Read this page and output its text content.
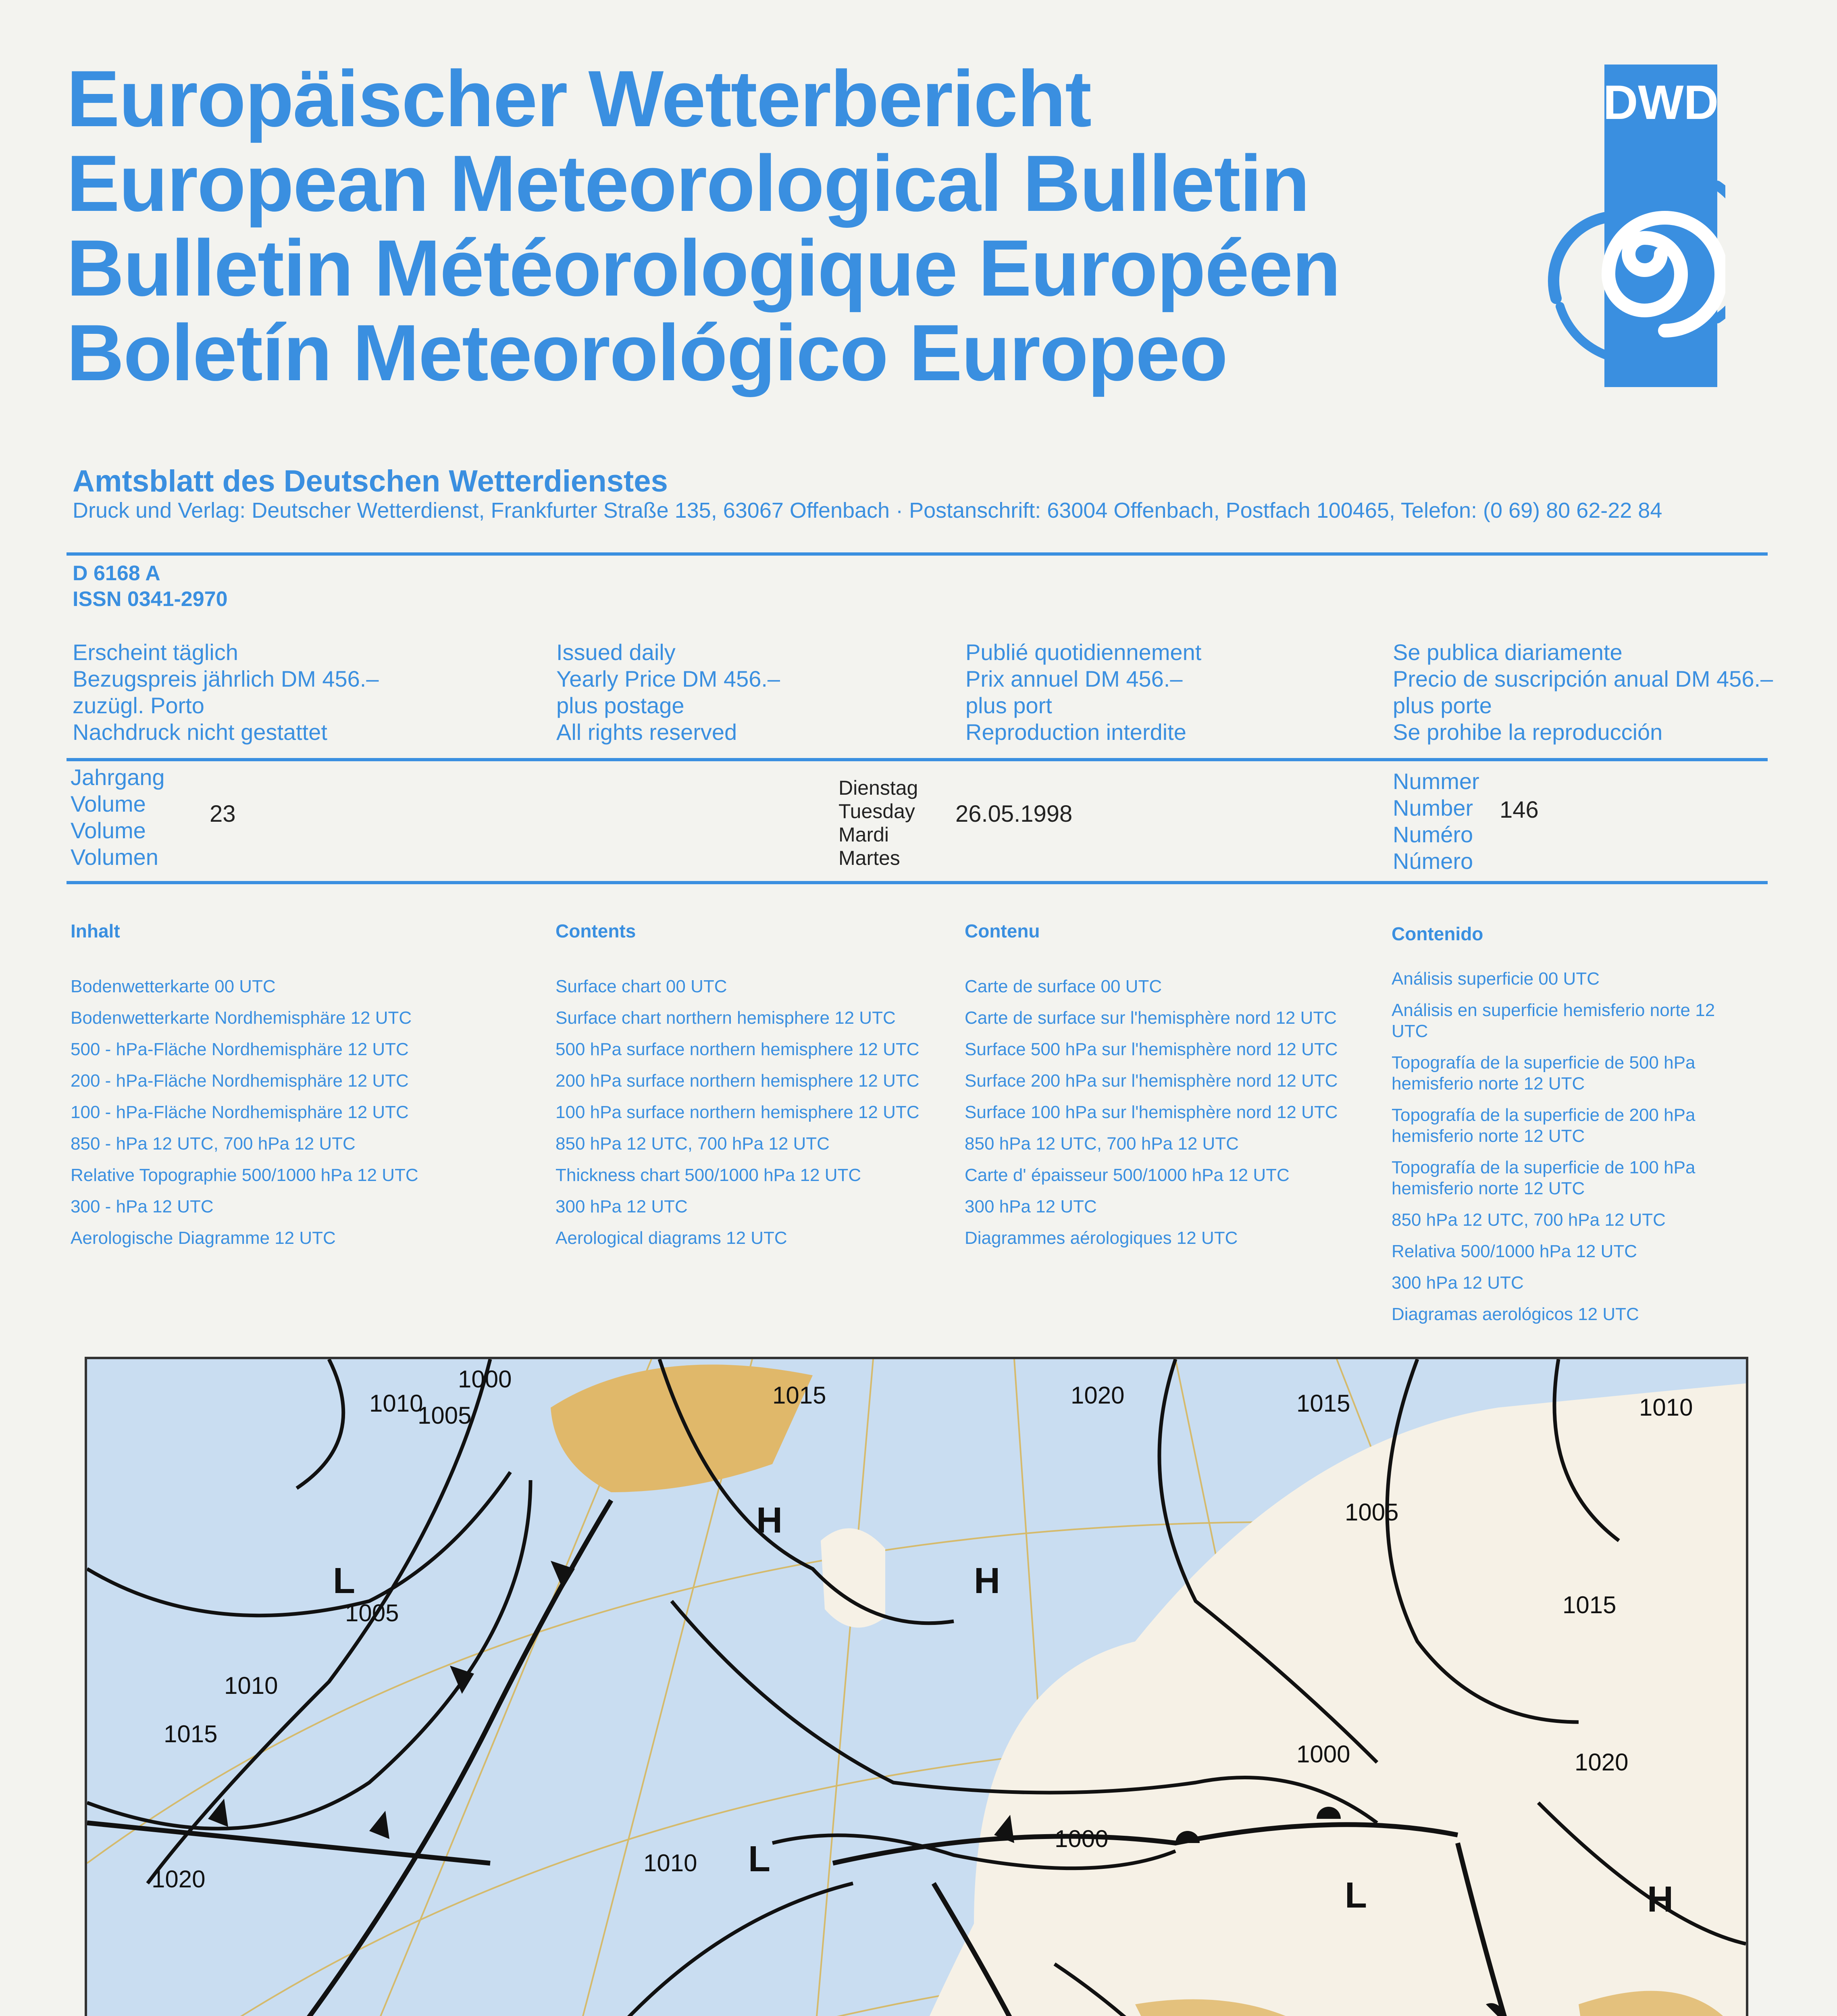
Europäischer Wetterbericht
European Meteorological Bulletin
Bulletin Météorologique Européen
Boletín Meteorológico Europeo
DWD
Amtsblatt des Deutschen Wetterdienstes
Druck und Verlag: Deutscher Wetterdienst, Frankfurter Straße 135, 63067 Offenbach · Postanschrift: 63004 Offenbach, Postfach 100465, Telefon: (0 69) 80 62-22 84
D 6168 A
ISSN 0341-2970
Erscheint täglich
Bezugspreis jährlich DM 456.–
zuzügl. Porto
Nachdruck nicht gestattet
Issued daily
Yearly Price DM 456.–
plus postage
All rights reserved
Publié quotidiennement
Prix annuel DM 456.–
plus port
Reproduction interdite
Se publica diariamente
Precio de suscripción anual DM 456.–
plus porte
Se prohibe la reproducción
Jahrgang
Volume
Volume
Volumen
23
Dienstag
Tuesday
Mardi
Martes
26.05.1998
Nummer
Number
Numéro
Número
146
Inhalt
Bodenwetterkarte 00 UTC
Bodenwetterkarte Nordhemisphäre 12 UTC
500 - hPa-Fläche Nordhemisphäre 12 UTC
200 - hPa-Fläche Nordhemisphäre 12 UTC
100 - hPa-Fläche Nordhemisphäre 12 UTC
850 - hPa 12 UTC, 700 hPa 12 UTC
Relative Topographie 500/1000 hPa 12 UTC
300 - hPa 12 UTC
Aerologische Diagramme 12 UTC
Contents
Surface chart 00 UTC
Surface chart northern hemisphere 12 UTC
500 hPa surface northern hemisphere 12 UTC
200 hPa surface northern hemisphere 12 UTC
100 hPa surface northern hemisphere 12 UTC
850 hPa 12 UTC, 700 hPa 12 UTC
Thickness chart 500/1000 hPa 12 UTC
300 hPa 12 UTC
Aerological diagrams 12 UTC
Contenu
Carte de surface 00 UTC
Carte de surface sur l'hemisphère nord 12 UTC
Surface 500 hPa sur l'hemisphère nord 12 UTC
Surface 200 hPa sur l'hemisphère nord 12 UTC
Surface 100 hPa sur l'hemisphère nord 12 UTC
850 hPa 12 UTC, 700 hPa 12 UTC
Carte d' épaisseur 500/1000 hPa 12 UTC
300 hPa 12 UTC
Diagrammes aérologiques 12 UTC
Contenido
Análisis superficie 00 UTC
Análisis en superficie hemisferio norte 12 UTC
Topografía de la superficie de 500 hPa hemisferio norte 12 UTC
Topografía de la superficie de 200 hPa hemisferio norte 12 UTC
Topografía de la superficie de 100 hPa hemisferio norte 12 UTC
850 hPa 12 UTC, 700 hPa 12 UTC
Relativa 500/1000 hPa 12 UTC
300 hPa 12 UTC
Diagramas aerológicos 12 UTC
L
L
L
H
H
H
1000
1000
1000
1005
1005
1005
1010
1010
1010
1010
1015
1015
1015
1015
1020
1020
1020
